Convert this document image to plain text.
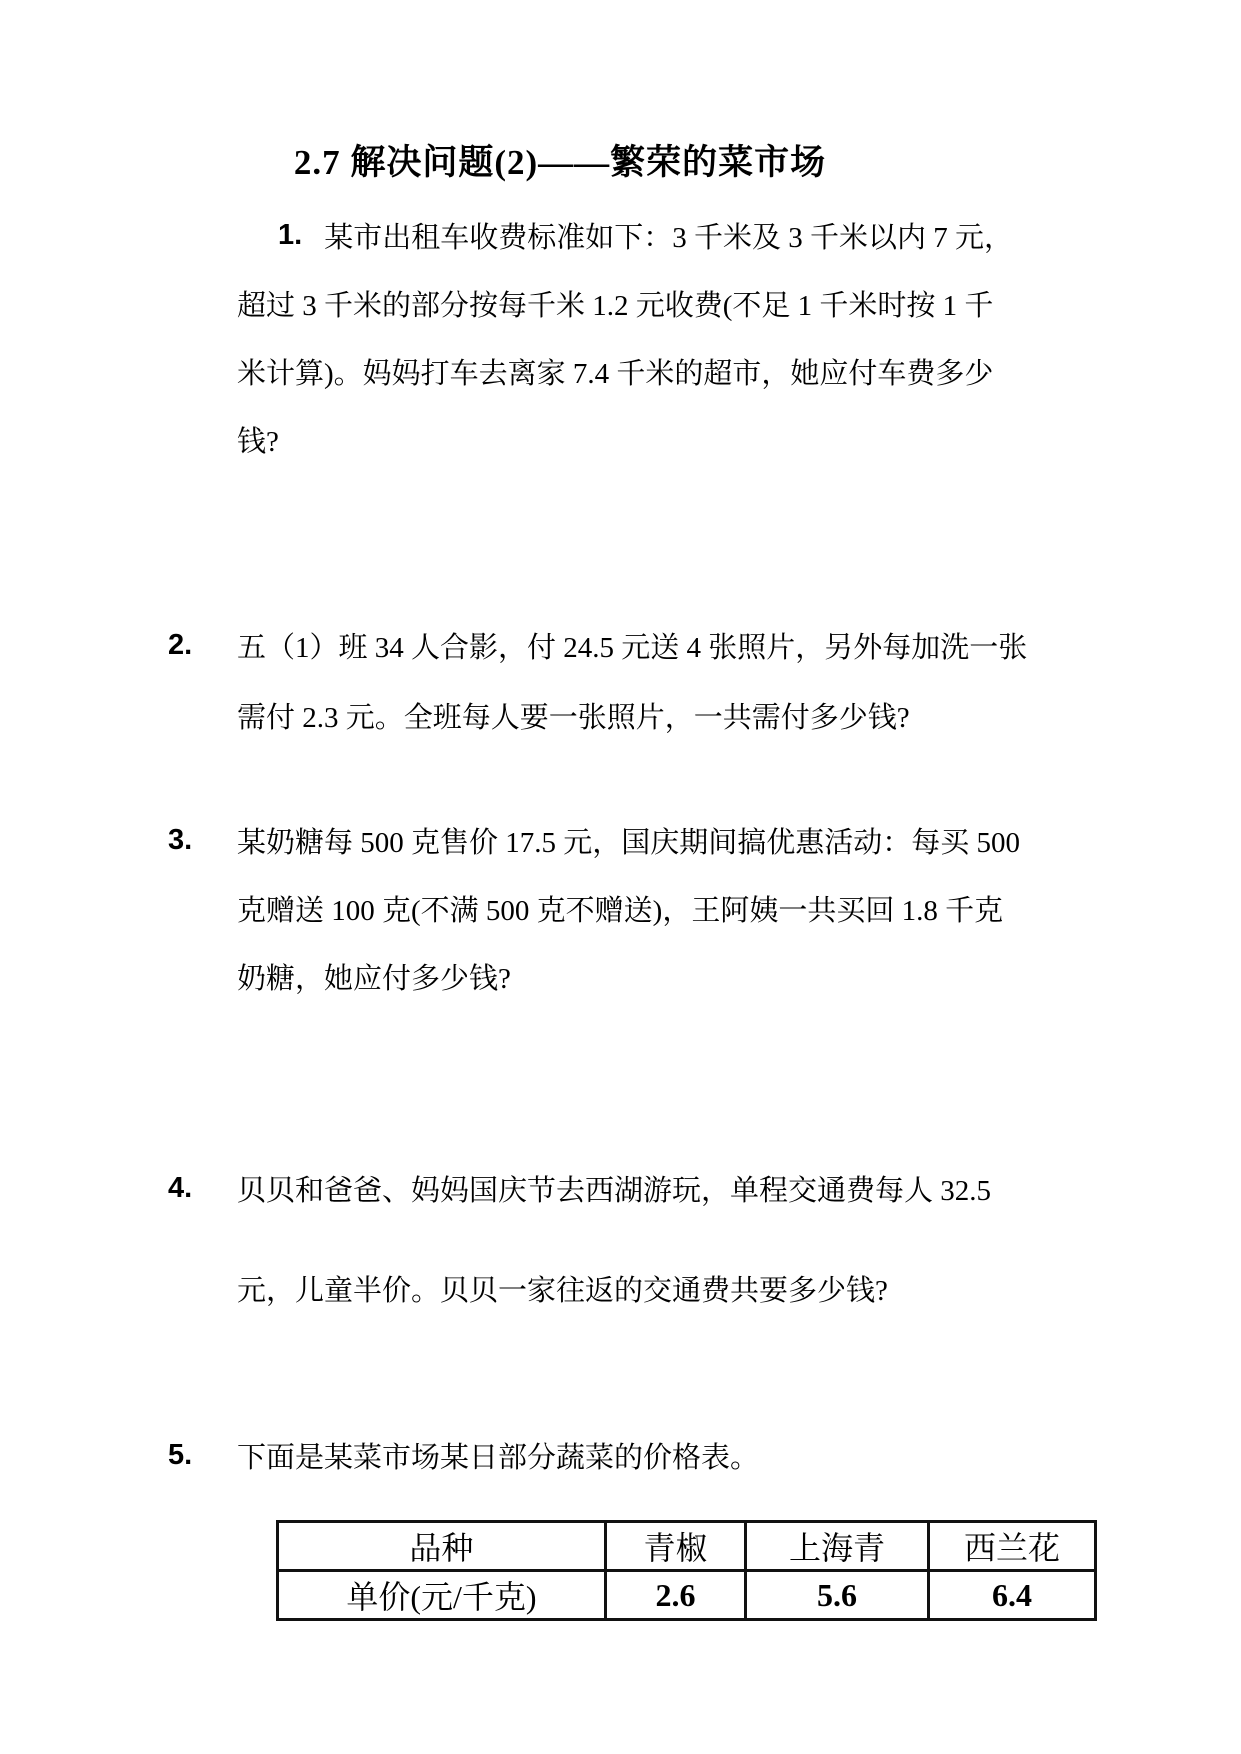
2.7 解决问题(2)——繁荣的菜市场
1. 某市出租车收费标准如下：3 千米及 3 千米以内 7 元，
超过 3 千米的部分按每千米 1.2 元收费(不足 1 千米时按 1 千
米计算)。妈妈打车去离家 7.4 千米的超市，她应付车费多少
钱?
2. 五（1）班 34 人合影，付 24.5 元送 4 张照片，另外每加洗一张
需付 2.3 元。全班每人要一张照片，一共需付多少钱?
3. 某奶糖每 500 克售价 17.5 元，国庆期间搞优惠活动：每买 500
克赠送 100 克(不满 500 克不赠送)，王阿姨一共买回 1.8 千克
奶糖，她应付多少钱?
4. 贝贝和爸爸、妈妈国庆节去西湖游玩，单程交通费每人 32.5
元，儿童半价。贝贝一家往返的交通费共要多少钱?
5. 下面是某菜市场某日部分蔬菜的价格表。
品种	青椒	上海青	西兰花
单价(元/千克)	2.6	5.6	6.4
